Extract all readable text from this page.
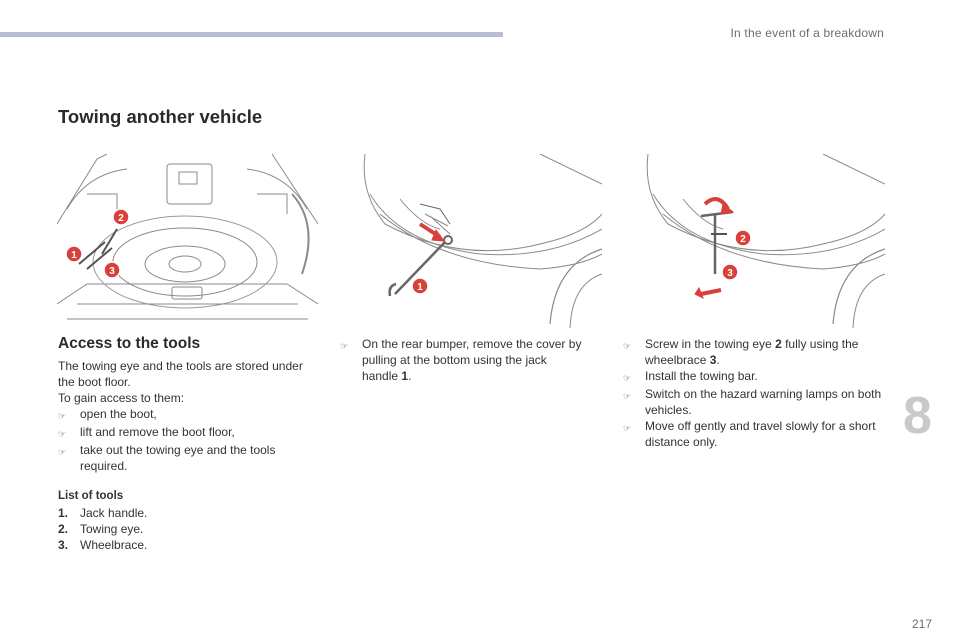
In the event of a breakdown
Towing another vehicle
1
2
3
1
2
3
Access to the tools
The towing eye and the tools are stored under the boot floor.
To gain access to them:
☞	open the boot,
☞	lift and remove the boot floor,
☞	take out the towing eye and the tools required.
List of tools
1. Jack handle.
2. Towing eye.
3. Wheelbrace.
☞	On the rear bumper, remove the cover by pulling at the bottom using the jack handle 1.
☞	Screw in the towing eye 2 fully using the wheelbrace 3.
☞	Install the towing bar.
☞	Switch on the hazard warning lamps on both vehicles.
☞	Move off gently and travel slowly for a short distance only.	8
217
